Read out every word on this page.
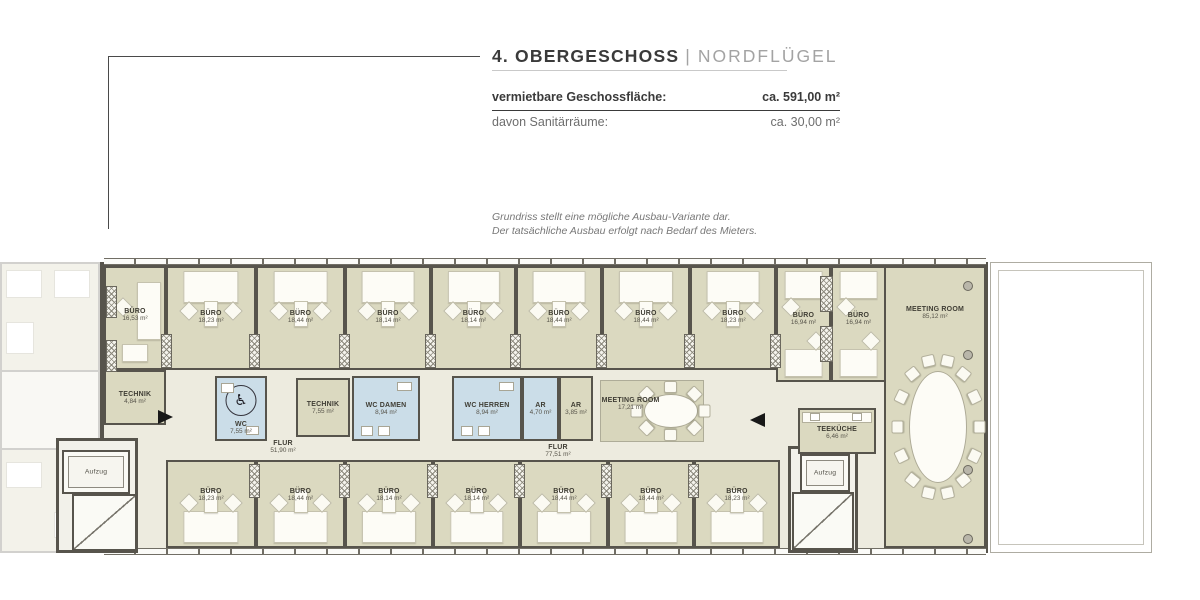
4. OBERGESCHOSS | NORDFLÜGEL
vermietbare Geschossfläche:	ca. 591,00 m²
davon Sanitärräume:	ca. 30,00 m²
Grundriss stellt eine mögliche Ausbau-Variante dar.
Der tatsächliche Ausbau erfolgt nach Bedarf des Mieters.
BÜRO
16,53 m²
BÜRO
18,23 m²
BÜRO
18,44 m²
BÜRO
18,14 m²
BÜRO
18,14 m²
BÜRO
18,44 m²
BÜRO
18,44 m²
BÜRO
18,23 m²
BÜRO
16,94 m²
BÜRO
16,94 m²
TECHNIK
4,84 m²
WC
7,55 m²
♿	TECHNIK
7,55 m²
WC DAMEN
8,94 m²
WC HERREN
8,94 m²
AR
4,70 m²
AR
3,85 m²
MEETING ROOM
17,21 m²
TEEKÜCHE
6,46 m²
Aufzug
Aufzug
MEETING ROOM
85,12 m²
BÜRO
18,23 m²
BÜRO
18,44 m²
BÜRO
18,14 m²
BÜRO
18,14 m²
BÜRO
18,44 m²
BÜRO
18,44 m²
BÜRO
18,23 m²
FLUR
51,90 m²	FLUR
77,51 m²
